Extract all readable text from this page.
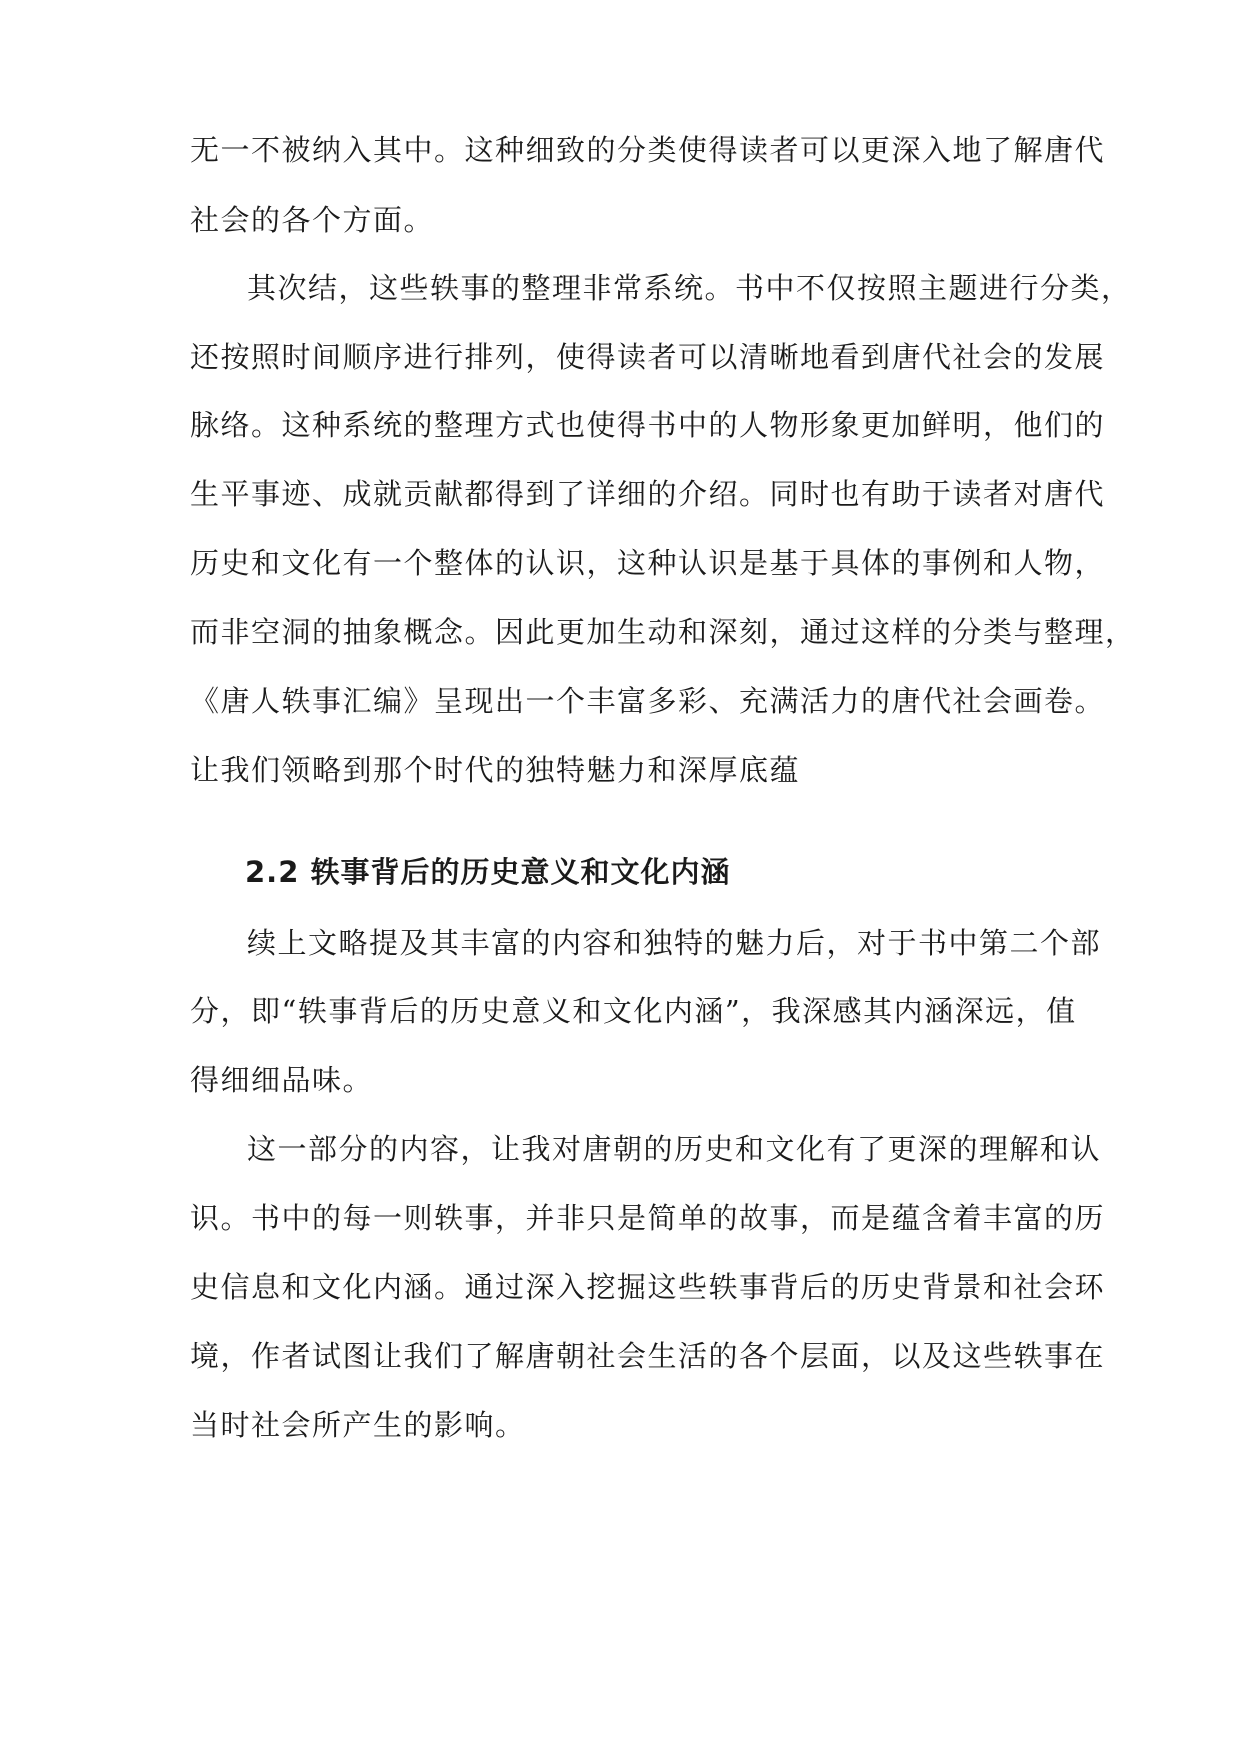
无一不被纳入其中。这种细致的分类使得读者可以更深入地了解唐代
社会的各个方面。
其次结，这些轶事的整理非常系统。书中不仅按照主题进行分类，
还按照时间顺序进行排列，使得读者可以清晰地看到唐代社会的发展
脉络。这种系统的整理方式也使得书中的人物形象更加鲜明，他们的
生平事迹、成就贡献都得到了详细的介绍。同时也有助于读者对唐代
历史和文化有一个整体的认识，这种认识是基于具体的事例和人物，
而非空洞的抽象概念。因此更加生动和深刻，通过这样的分类与整理，
《唐人轶事汇编》呈现出一个丰富多彩、充满活力的唐代社会画卷。
让我们领略到那个时代的独特魅力和深厚底蕴
2.2 轶事背后的历史意义和文化内涵
续上文略提及其丰富的内容和独特的魅力后，对于书中第二个部
分，即“轶事背后的历史意义和文化内涵”，我深感其内涵深远，值
得细细品味。
这一部分的内容，让我对唐朝的历史和文化有了更深的理解和认
识。书中的每一则轶事，并非只是简单的故事，而是蕴含着丰富的历
史信息和文化内涵。通过深入挖掘这些轶事背后的历史背景和社会环
境，作者试图让我们了解唐朝社会生活的各个层面，以及这些轶事在
当时社会所产生的影响。
